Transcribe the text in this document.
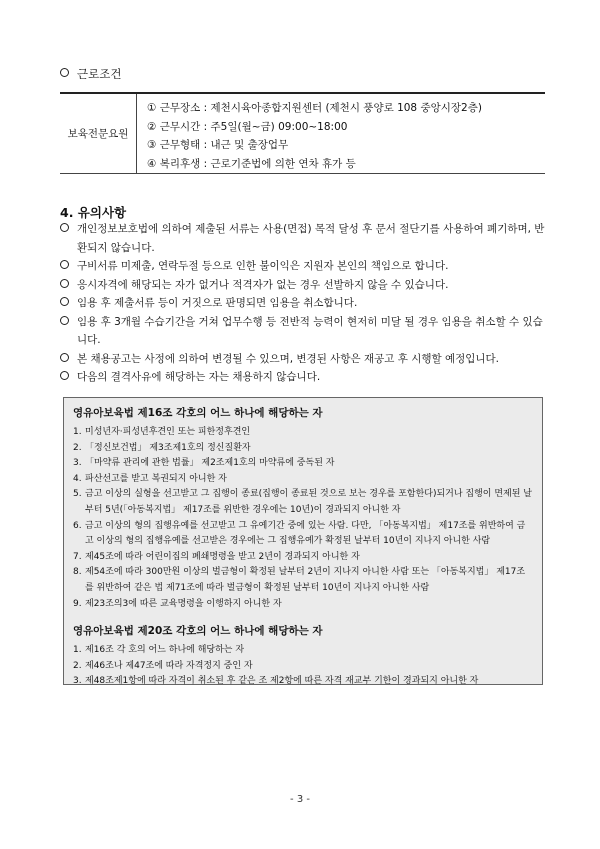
근로조건
보육전문요원
① 근무장소 : 제천시육아종합지원센터 (제천시 풍양로 108 중앙시장2층)
② 근무시간 : 주5일(월~금) 09:00~18:00
③ 근무형태 : 내근 및 출장업무
④ 복리후생 : 근로기준법에 의한 연차 휴가 등
4. 유의사항
개인정보보호법에 의하여 제출된 서류는 사용(면접) 목적 달성 후 문서 절단기를 사용하여 폐기하며, 반환되지 않습니다.
구비서류 미제출, 연락두절 등으로 인한 불이익은 지원자 본인의 책임으로 합니다.
응시자격에 해당되는 자가 없거나 적격자가 없는 경우 선발하지 않을 수 있습니다.
임용 후 제출서류 등이 거짓으로 판명되면 임용을 취소합니다.
임용 후 3개월 수습기간을 거쳐 업무수행 등 전반적 능력이 현저히 미달 될 경우 임용을 취소할 수 있습니다.
본 채용공고는 사정에 의하여 변경될 수 있으며, 변경된 사항은 재공고 후 시행할 예정입니다.
다음의 결격사유에 해당하는 자는 채용하지 않습니다.
영유아보육법 제16조 각호의 어느 하나에 해당하는 자
1. 미성년자·피성년후견인 또는 피한정후견인
2. 「정신보건법」 제3조제1호의 정신질환자
3. 「마약류 관리에 관한 법률」 제2조제1호의 마약류에 중독된 자
4. 파산선고를 받고 복권되지 아니한 자
5. 금고 이상의 실형을 선고받고 그 집행이 종료(집행이 종료된 것으로 보는 경우를 포함한다)되거나 집행이 면제된 날부터 5년(「아동복지법」 제17조를 위반한 경우에는 10년)이 경과되지 아니한 자
6. 금고 이상의 형의 집행유예를 선고받고 그 유예기간 중에 있는 사람. 다만, 「아동복지법」 제17조를 위반하여 금고 이상의 형의 집행유예를 선고받은 경우에는 그 집행유예가 확정된 날부터 10년이 지나지 아니한 사람
7. 제45조에 따라 어린이집의 폐쇄명령을 받고 2년이 경과되지 아니한 자
8. 제54조에 따라 300만원 이상의 벌금형이 확정된 날부터 2년이 지나지 아니한 사람 또는 「아동복지법」 제17조를 위반하여 같은 법 제71조에 따라 벌금형이 확정된 날부터 10년이 지나지 아니한 사람
9. 제23조의3에 따른 교육명령을 이행하지 아니한 자
영유아보육법 제20조 각호의 어느 하나에 해당하는 자
1. 제16조 각 호의 어느 하나에 해당하는 자
2. 제46조나 제47조에 따라 자격정지 중인 자
3. 제48조제1항에 따라 자격이 취소된 후 같은 조 제2항에 따른 자격 재교부 기한이 경과되지 아니한 자
- 3 -
